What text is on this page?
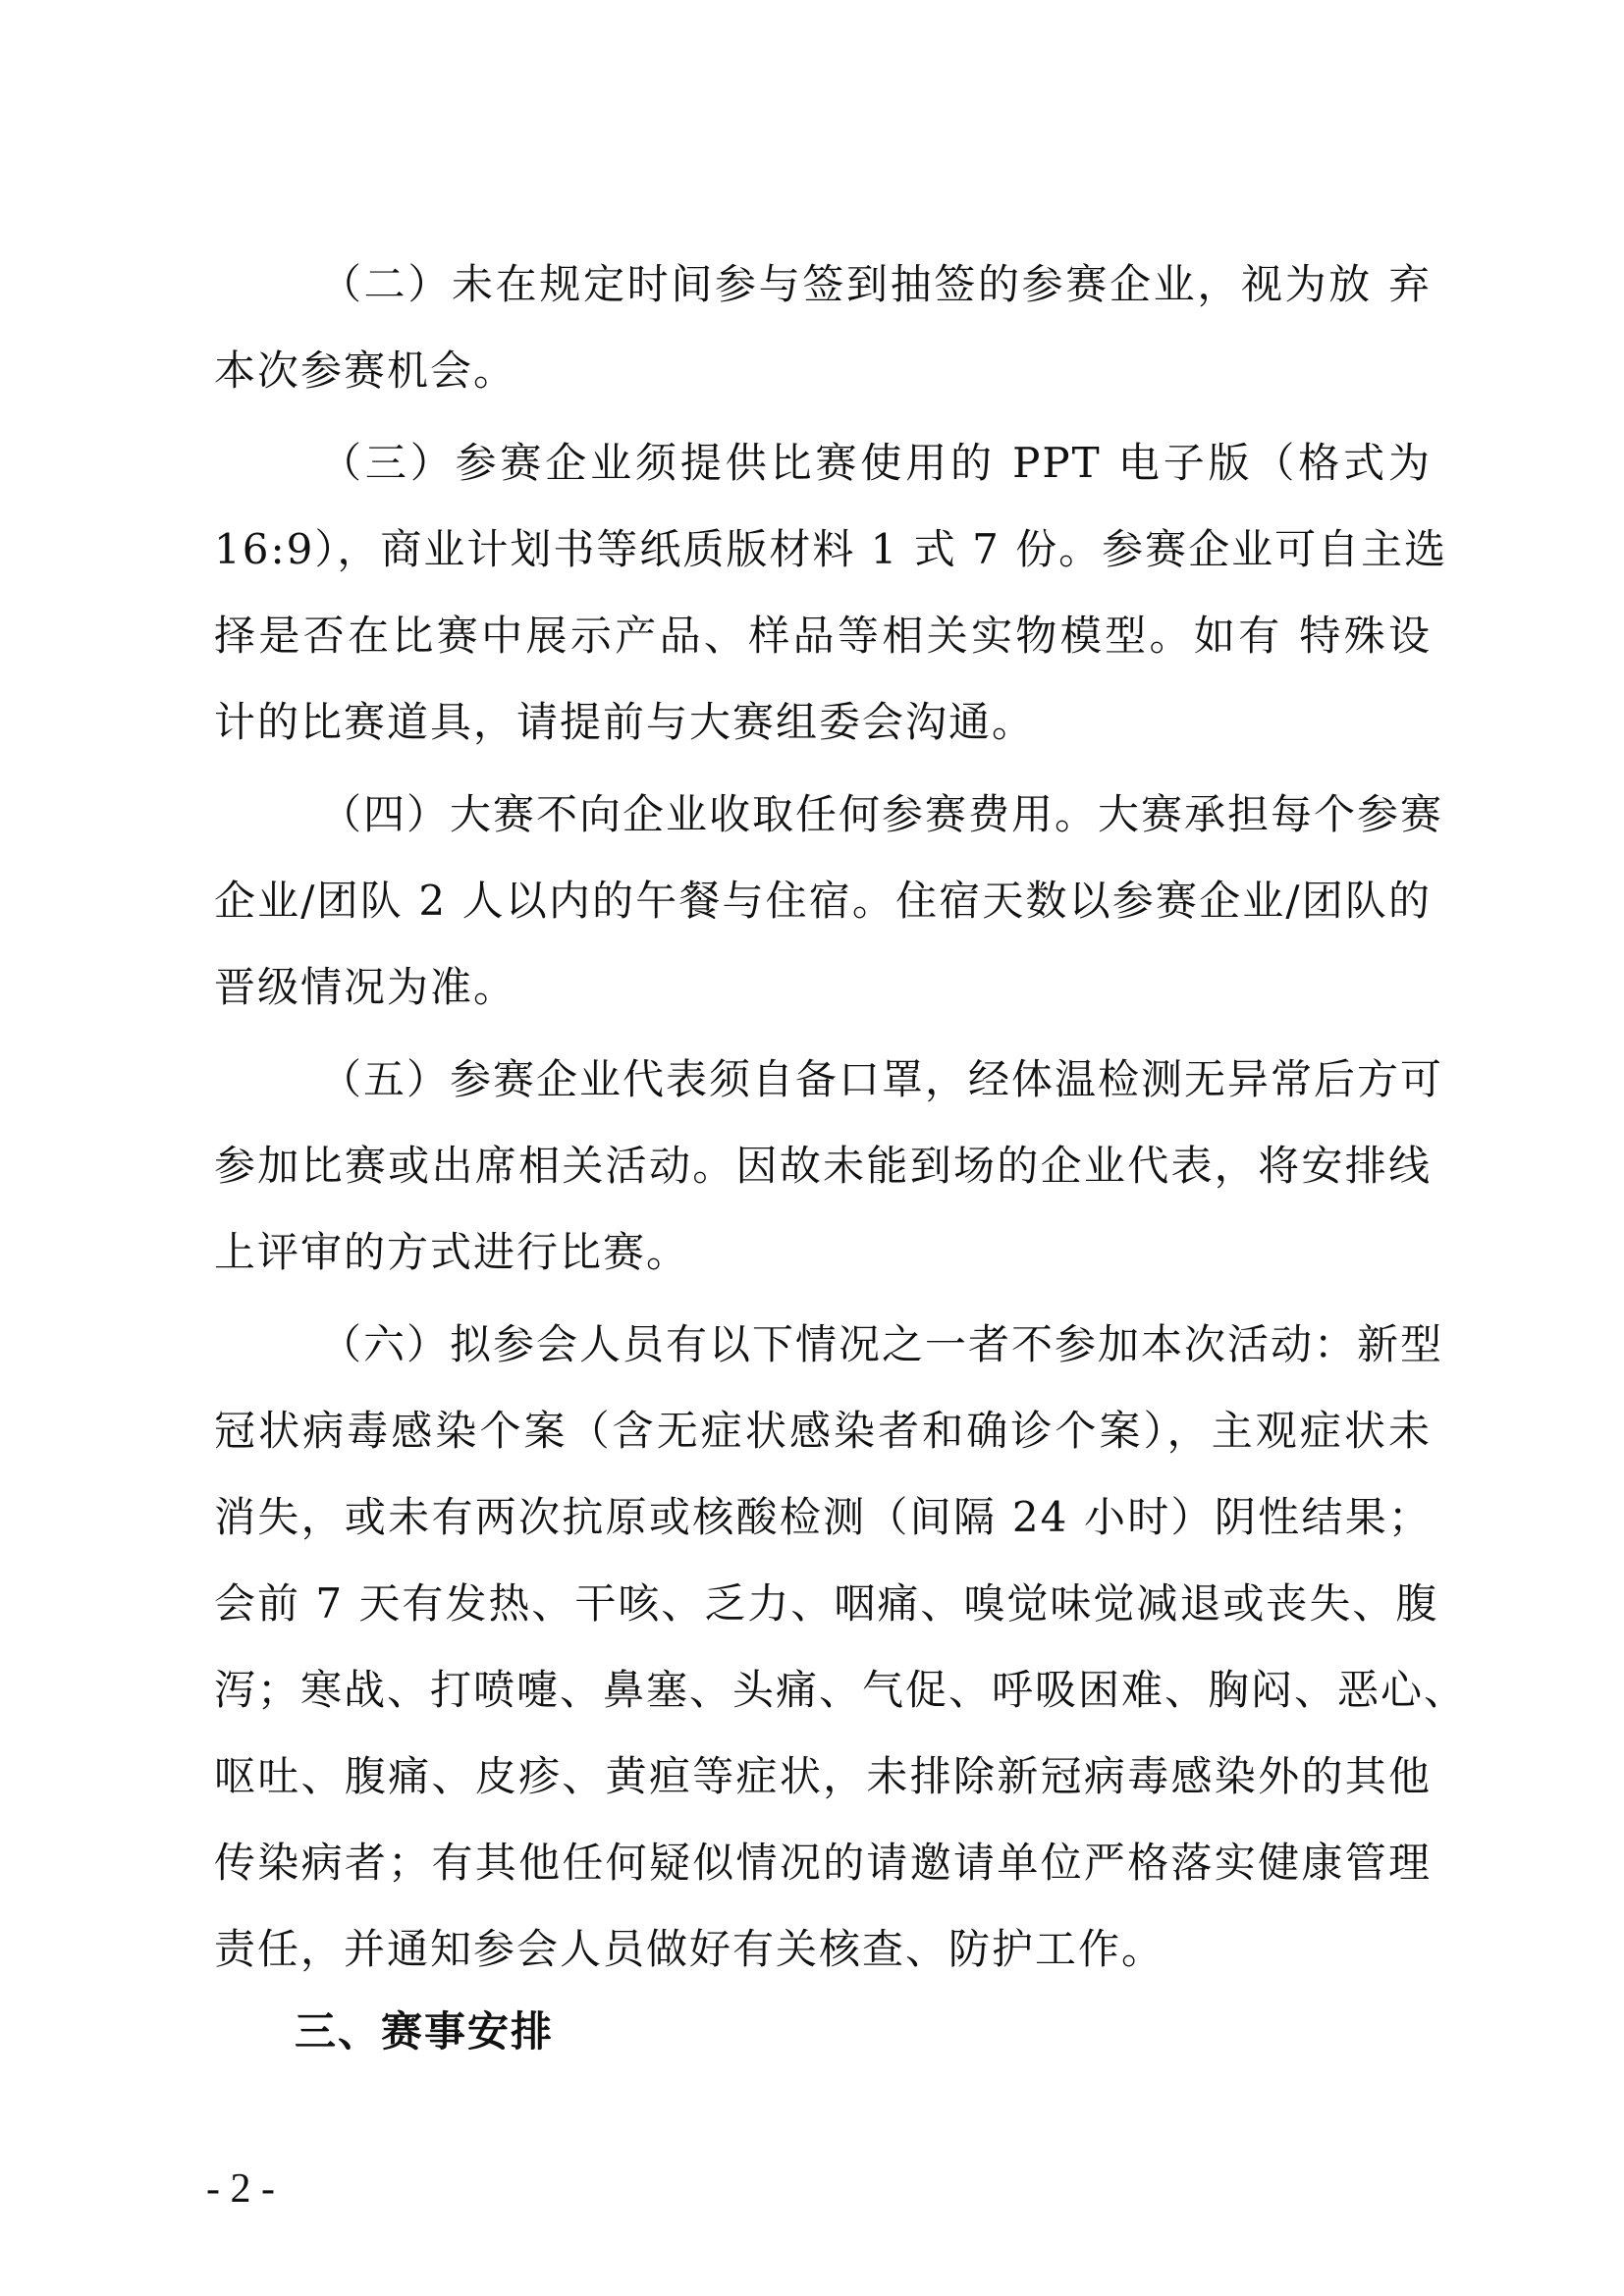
（二）未在规定时间参与签到抽签的参赛企业，视为放 弃
本次参赛机会。

（三）参赛企业须提供比赛使用的 PPT 电子版（格式为
16:9），商业计划书等纸质版材料 1 式 7 份。参赛企业可自主选
择是否在比赛中展示产品、样品等相关实物模型。如有 特殊设
计的比赛道具，请提前与大赛组委会沟通。

（四）大赛不向企业收取任何参赛费用。大赛承担每个参赛
企业/团队 2 人以内的午餐与住宿。住宿天数以参赛企业/团队的
晋级情况为准。

（五）参赛企业代表须自备口罩，经体温检测无异常后方可
参加比赛或出席相关活动。因故未能到场的企业代表，将安排线
上评审的方式进行比赛。

（六）拟参会人员有以下情况之一者不参加本次活动：新型
冠状病毒感染个案（含无症状感染者和确诊个案），主观症状未
消失，或未有两次抗原或核酸检测（间隔 24 小时）阴性结果；
会前 7 天有发热、干咳、乏力、咽痛、嗅觉味觉减退或丧失、腹
泻；寒战、打喷嚏、鼻塞、头痛、气促、呼吸困难、胸闷、恶心、
呕吐、腹痛、皮疹、黄疸等症状，未排除新冠病毒感染外的其他
传染病者；有其他任何疑似情况的请邀请单位严格落实健康管理
责任，并通知参会人员做好有关核查、防护工作。

三、赛事安排
- 2 -
